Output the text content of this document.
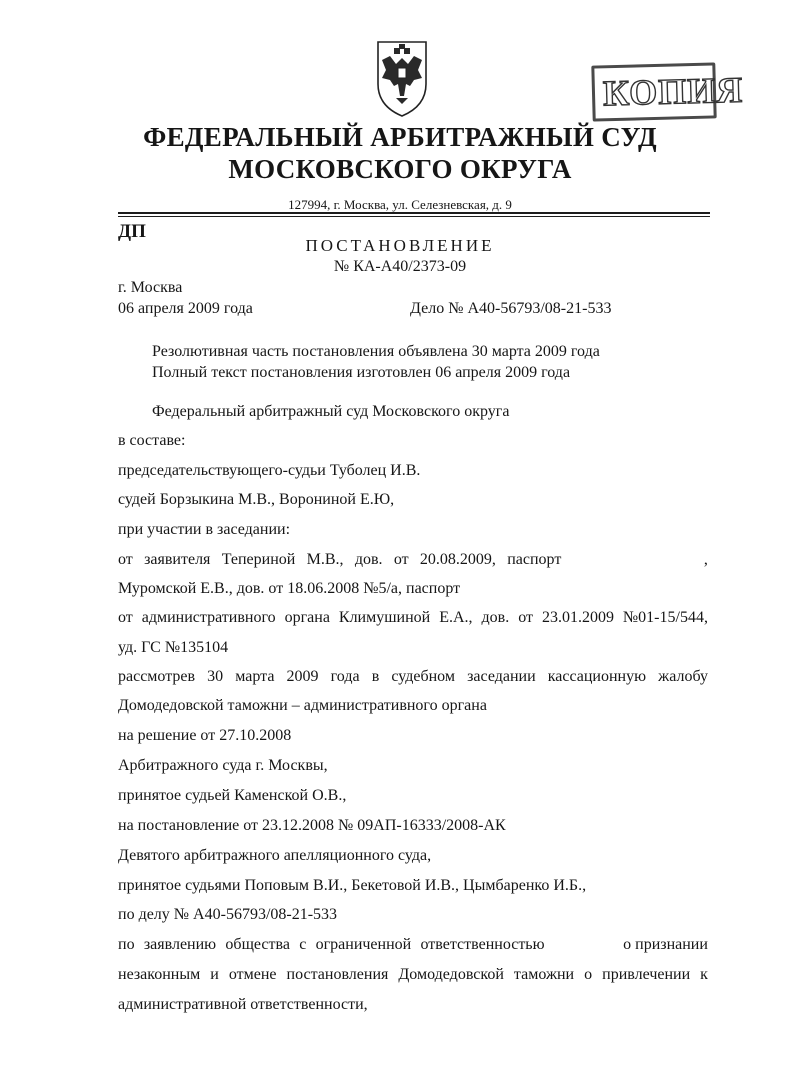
КОПИЯ
ФЕДЕРАЛЬНЫЙ АРБИТРАЖНЫЙ СУД
МОСКОВСКОГО ОКРУГА
127994, г. Москва, ул. Селезневская, д. 9
ДП
ПОСТАНОВЛЕНИЕ
№ КА-А40/2373-09
г. Москва
06 апреля 2009 года	Дело № А40-56793/08-21-533
Резолютивная часть постановления объявлена 30 марта 2009 года
Полный текст постановления изготовлен 06 апреля 2009 года
Федеральный арбитражный суд Московского округа
в составе:
председательствующего-судьи Туболец И.В.
судей Борзыкина М.В., Ворониной Е.Ю,
при участии в заседании:
от заявителя Тепериной М.В., дов. от 20.08.2009, паспорт	,
Муромской Е.В., дов. от 18.06.2008 №5/а, паспорт
от административного органа Климушиной Е.А., дов. от 23.01.2009 №01-15/544,
уд. ГС №135104
рассмотрев 30 марта 2009 года в судебном заседании кассационную жалобу
Домодедовской таможни – административного органа
на решение от 27.10.2008
Арбитражного суда г. Москвы,
принятое судьей Каменской О.В.,
на постановление от 23.12.2008 № 09АП-16333/2008-АК
Девятого арбитражного апелляционного суда,
принятое судьями Поповым В.И., Бекетовой И.В., Цымбаренко И.Б.,
по делу № А40-56793/08-21-533
по заявлению общества с ограниченной ответственностью	о признании
незаконным и отмене постановления Домодедовской таможни о привлечении к
административной ответственности,
